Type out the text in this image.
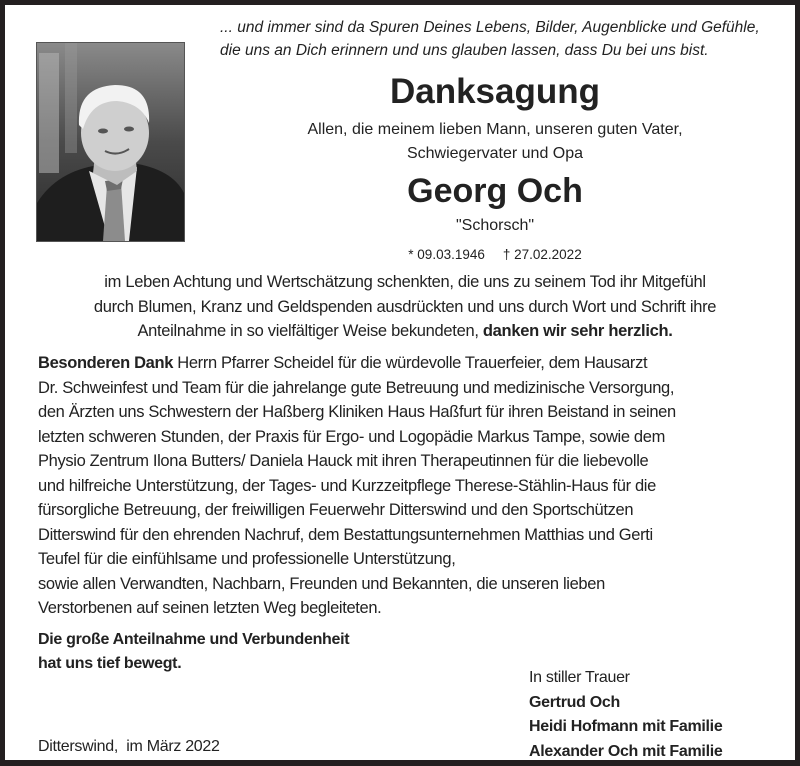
... und immer sind da Spuren Deines Lebens, Bilder, Augenblicke und Gefühle,
die uns an Dich erinnern und uns glauben lassen, dass Du bei uns bist.
Danksagung
Allen, die meinem lieben Mann, unseren guten Vater,
Schwiegervater und Opa
Georg Och
"Schorsch"
* 09.03.1946 † 27.02.2022
im Leben Achtung und Wertschätzung schenkten, die uns zu seinem Tod ihr Mitgefühl
durch Blumen, Kranz und Geldspenden ausdrückten und uns durch Wort und Schrift ihre
Anteilnahme in so vielfältiger Weise bekundeten, danken wir sehr herzlich.
Besonderen Dank Herrn Pfarrer Scheidel für die würdevolle Trauerfeier, dem Hausarzt
Dr. Schweinfest und Team für die jahrelange gute Betreuung und medizinische Versorgung,
den Ärzten uns Schwestern der Haßberg Kliniken Haus Haßfurt für ihren Beistand in seinen
letzten schweren Stunden, der Praxis für Ergo- und Logopädie Markus Tampe, sowie dem
Physio Zentrum Ilona Butters/ Daniela Hauck mit ihren Therapeutinnen für die liebevolle
und hilfreiche Unterstützung, der Tages- und Kurzzeitpflege Therese-Stählin-Haus für die
fürsorgliche Betreuung, der freiwilligen Feuerwehr Ditterswind und den Sportschützen
Ditterswind für den ehrenden Nachruf, dem Bestattungsunternehmen Matthias und Gerti
Teufel für die einfühlsame und professionelle Unterstützung,
sowie allen Verwandten, Nachbarn, Freunden und Bekannten, die unseren lieben
Verstorbenen auf seinen letzten Weg begleiteten.
Die große Anteilnahme und Verbundenheit
hat uns tief bewegt.
Ditterswind,  im März 2022
In stiller Trauer
Gertrud Och
Heidi Hofmann mit Familie
Alexander Och mit Familie
